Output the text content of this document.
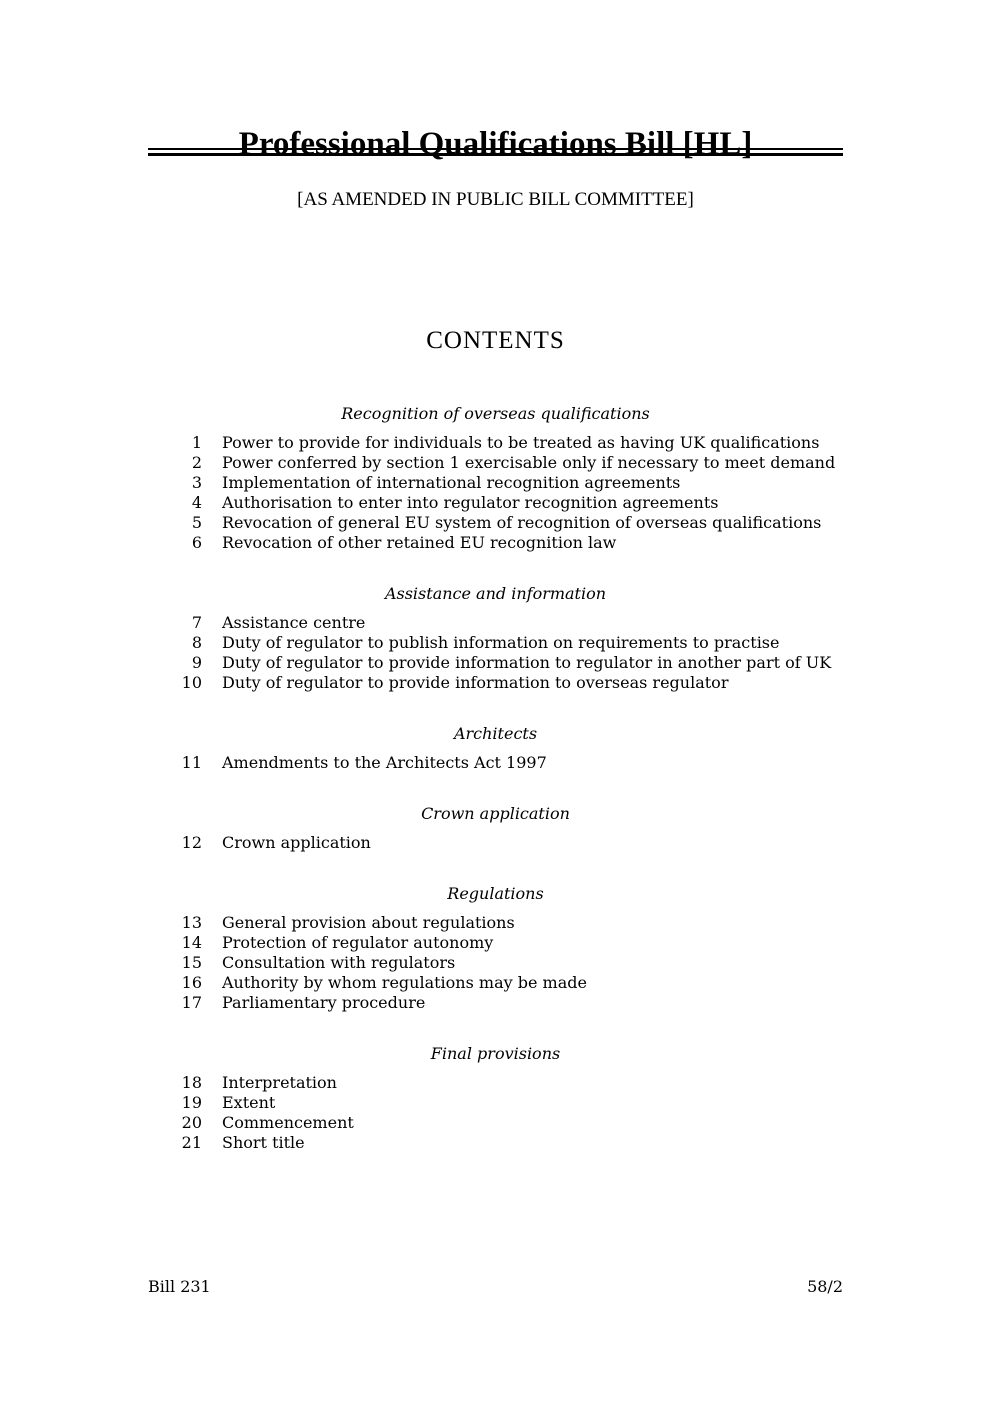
Professional Qualifications Bill [HL]
[AS AMENDED IN PUBLIC BILL COMMITTEE]
CONTENTS
Recognition of overseas qualifications
1	Power to provide for individuals to be treated as having UK qualifications
2	Power conferred by section 1 exercisable only if necessary to meet demand
3	Implementation of international recognition agreements
4	Authorisation to enter into regulator recognition agreements
5	Revocation of general EU system of recognition of overseas qualifications
6	Revocation of other retained EU recognition law
Assistance and information
7	Assistance centre
8	Duty of regulator to publish information on requirements to practise
9	Duty of regulator to provide information to regulator in another part of UK
10	Duty of regulator to provide information to overseas regulator
Architects
11	Amendments to the Architects Act 1997
Crown application
12	Crown application
Regulations
13	General provision about regulations
14	Protection of regulator autonomy
15	Consultation with regulators
16	Authority by whom regulations may be made
17	Parliamentary procedure
Final provisions
18	Interpretation
19	Extent
20	Commencement
21	Short title
Bill 231	58/2
